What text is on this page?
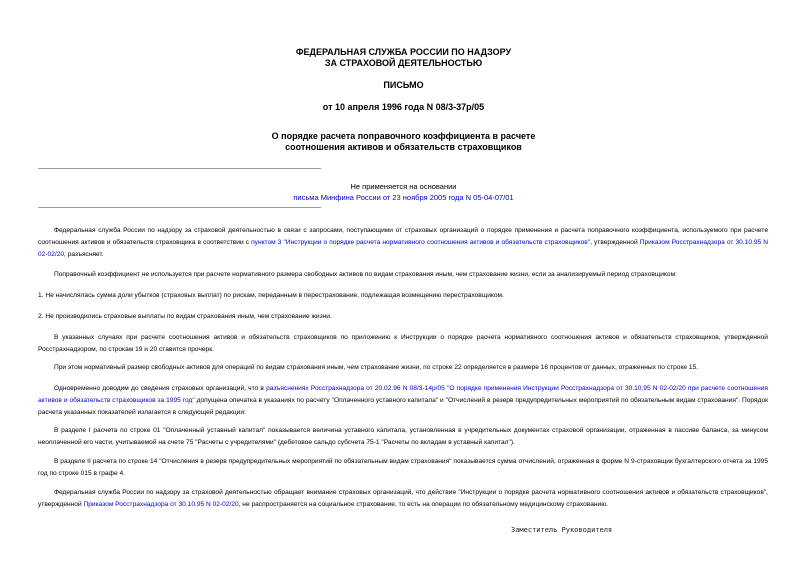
ФЕДЕРАЛЬНАЯ СЛУЖБА РОССИИ ПО НАДЗОРУ
ЗА СТРАХОВОЙ ДЕЯТЕЛЬНОСТЬЮ
ПИСЬМО
от 10 апреля 1996 года N 08/3-37р/05
О порядке расчета поправочного коэффициента в расчете
соотношения активов и обязательств страховщиков
Не применяется на основании
письма Минфина России от 23 ноября 2005 года N 05-04-07/01

Федеральная служба России по надзору за страховой деятельностью в связи с запросами, поступающими от страховых организаций о порядке применения и расчета поправочного коэффициента, используемого при расчете соотношения активов и обязательств страховщика в соответствии с пунктом 3 "Инструкции о порядке расчета нормативного соотношения активов и обязательств страховщиков", утвержденной Приказом Росстрахнадзора от 30.10.95 N 02-02/20, разъясняет.

Поправочный коэффициент не используется при расчете нормативного размера свободных активов по видам страхования иным, чем страхование жизни, если за анализируемый период страховщиком:

1. Не начислялась сумма доли убытков (страховых выплат) по рискам, переданным в перестрахование, подлежащая возмещению перестраховщиком.

2. Не производились страховые выплаты по видам страхования иным, чем страхование жизни.

В указанных случаях при расчете соотношения активов и обязательств страховщиков по приложению к Инструкции о порядке расчета нормативного соотношения активов и обязательств страховщиков, утвержденной Росстрахнадзором, по строкам 19 и 20 ставится прочерк.

При этом нормативный размер свободных активов для операций по видам страхования иным, чем страхование жизни, по строке 22 определяется в размере 16 процентов от данных, отраженных по строке 15.

Одновременно доводим до сведения страховых организаций, что в разъяснениях Росстрахнадзора от 20.02.96 N 08/3-14р/05 "О порядке применения Инструкции Росстрахнадзора от 30.10.95 N 02-02/20 при расчете соотношения активов и обязательств страховщиков за 1995 год" допущена опечатка в указаниях по расчету "Оплаченного уставного капитала" и "Отчислений в резерв предупредительных мероприятий по обязательным видам страхования". Порядок расчета указанных показателей излагается в следующей редакции:

В разделе I расчета по строке 01 "Оплаченный уставный капитал" показывается величина уставного капитала, установленная в учредительных документах страховой организации, отраженная в пассиве баланса, за минусом неоплаченной его части, учитываемой на счете 75 "Расчеты с учредителями" (дебетовое сальдо субсчета 75-1 "Расчеты по вкладам в уставный капитал").

В разделе II расчета по строке 14 "Отчисления в резерв предупредительных мероприятий по обязательным видам страхования" показывается сумма отчислений, отраженная в форме N 9-страховщик бухгалтерского отчета за 1995 год по строке 015 в графе 4.

Федеральная служба России по надзору за страховой деятельностью обращает внимание страховых организаций, что действие "Инструкции о порядке расчета нормативного соотношения активов и обязательств страховщиков", утвержденной Приказом Росстрахнадзора от 30.10.95 N 02-02/20, не распространяется на социальное страхование, то есть на операции по обязательному медицинскому страхованию.

Заместитель Руководителя
